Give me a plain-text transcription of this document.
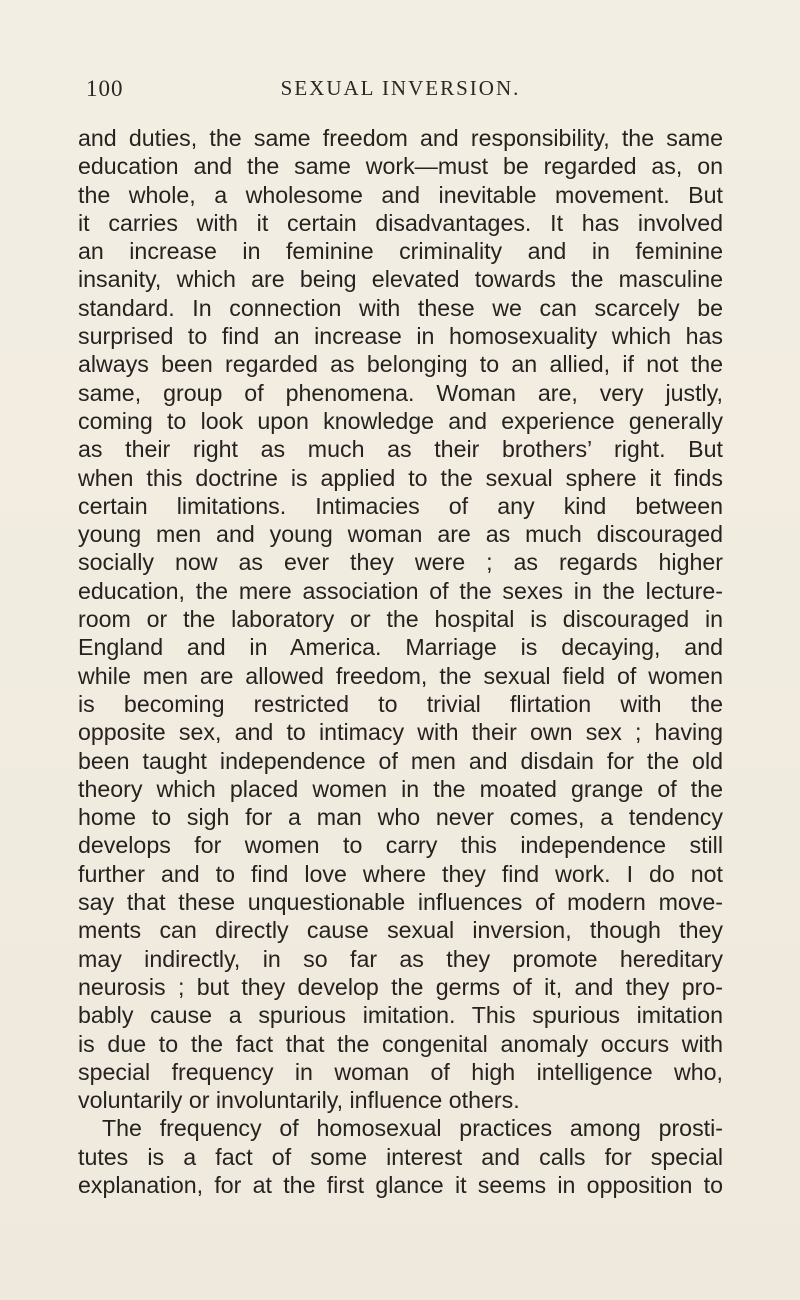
100	SEXUAL INVERSION.
and duties, the same freedom and responsibility, the same
education and the same work—must be regarded as, on
the whole, a wholesome and inevitable movement. But
it carries with it certain disadvantages. It has involved
an increase in feminine criminality and in feminine
insanity, which are being elevated towards the masculine
standard. In connection with these we can scarcely be
surprised to find an increase in homosexuality which has
always been regarded as belonging to an allied, if not the
same, group of phenomena. Woman are, very justly,
coming to look upon knowledge and experience generally
as their right as much as their brothers’ right. But
when this doctrine is applied to the sexual sphere it finds
certain limitations. Intimacies of any kind between
young men and young woman are as much discouraged
socially now as ever they were ; as regards higher
education, the mere association of the sexes in the lecture-
room or the laboratory or the hospital is discouraged in
England and in America. Marriage is decaying, and
while men are allowed freedom, the sexual field of women
is becoming restricted to trivial flirtation with the
opposite sex, and to intimacy with their own sex ; having
been taught independence of men and disdain for the old
theory which placed women in the moated grange of the
home to sigh for a man who never comes, a tendency
develops for women to carry this independence still
further and to find love where they find work. I do not
say that these unquestionable influences of modern move-
ments can directly cause sexual inversion, though they
may indirectly, in so far as they promote hereditary
neurosis ; but they develop the germs of it, and they pro-
bably cause a spurious imitation. This spurious imitation
is due to the fact that the congenital anomaly occurs with
special frequency in woman of high intelligence who,
voluntarily or involuntarily, influence others.
The frequency of homosexual practices among prosti-
tutes is a fact of some interest and calls for special
explanation, for at the first glance it seems in opposition to
